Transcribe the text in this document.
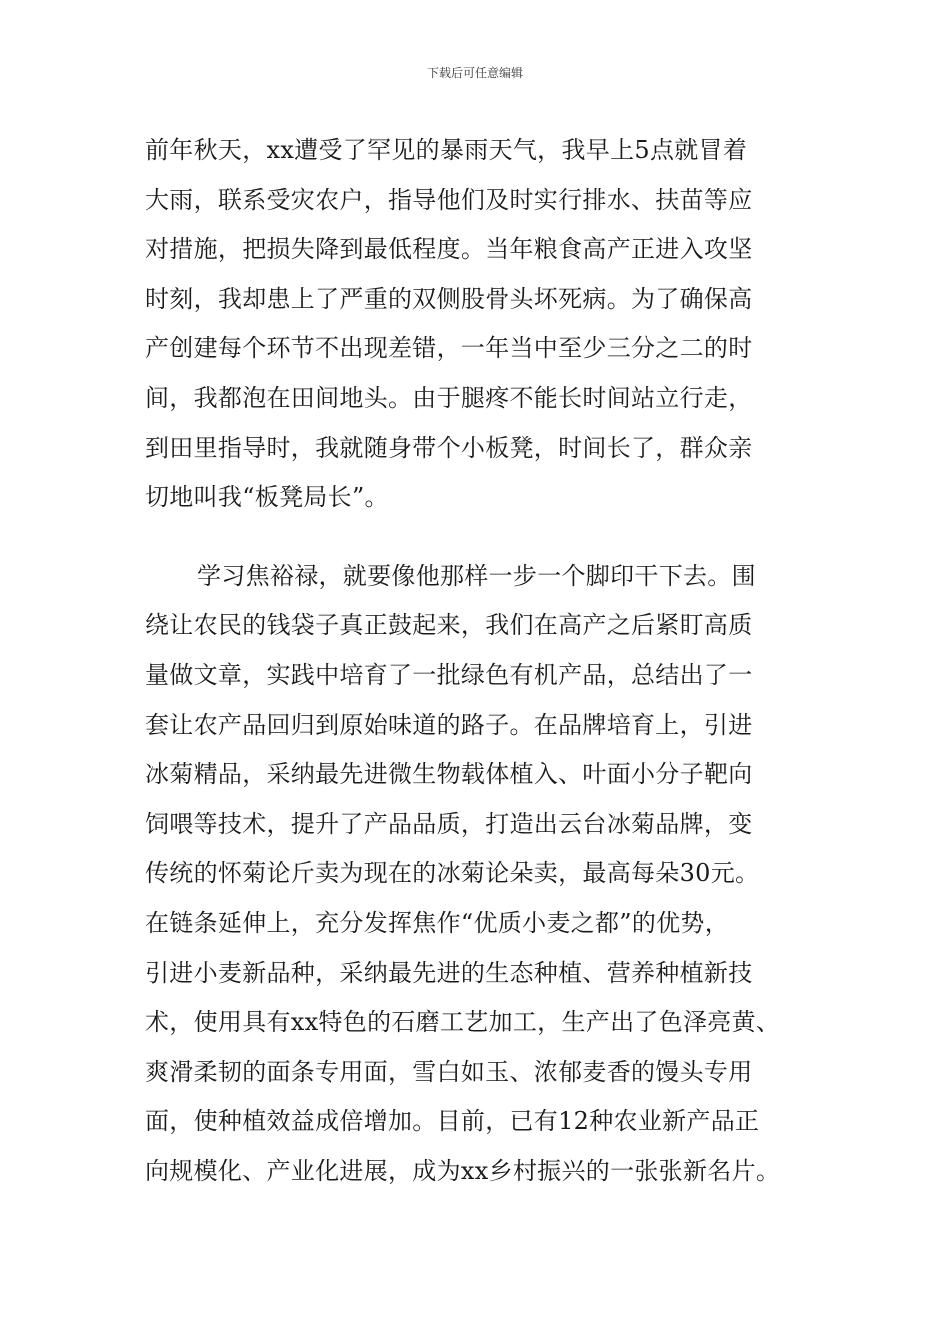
下载后可任意编辑
前年秋天，xx遭受了罕见的暴雨天气，我早上5点就冒着
大雨，联系受灾农户，指导他们及时实行排水、扶苗等应
对措施，把损失降到最低程度。当年粮食高产正进入攻坚
时刻，我却患上了严重的双侧股骨头坏死病。为了确保高
产创建每个环节不出现差错，一年当中至少三分之二的时
间，我都泡在田间地头。由于腿疼不能长时间站立行走，
到田里指导时，我就随身带个小板凳，时间长了，群众亲
切地叫我“板凳局长”。
学习焦裕禄，就要像他那样一步一个脚印干下去。围
绕让农民的钱袋子真正鼓起来，我们在高产之后紧盯高质
量做文章，实践中培育了一批绿色有机产品，总结出了一
套让农产品回归到原始味道的路子。在品牌培育上，引进
冰菊精品，采纳最先进微生物载体植入、叶面小分子靶向
饲喂等技术，提升了产品品质，打造出云台冰菊品牌，变
传统的怀菊论斤卖为现在的冰菊论朵卖，最高每朵30元。
在链条延伸上，充分发挥焦作“优质小麦之都”的优势，
引进小麦新品种，采纳最先进的生态种植、营养种植新技
术，使用具有xx特色的石磨工艺加工，生产出了色泽亮黄、
爽滑柔韧的面条专用面，雪白如玉、浓郁麦香的馒头专用
面，使种植效益成倍增加。目前，已有12种农业新产品正
向规模化、产业化进展，成为xx乡村振兴的一张张新名片。
